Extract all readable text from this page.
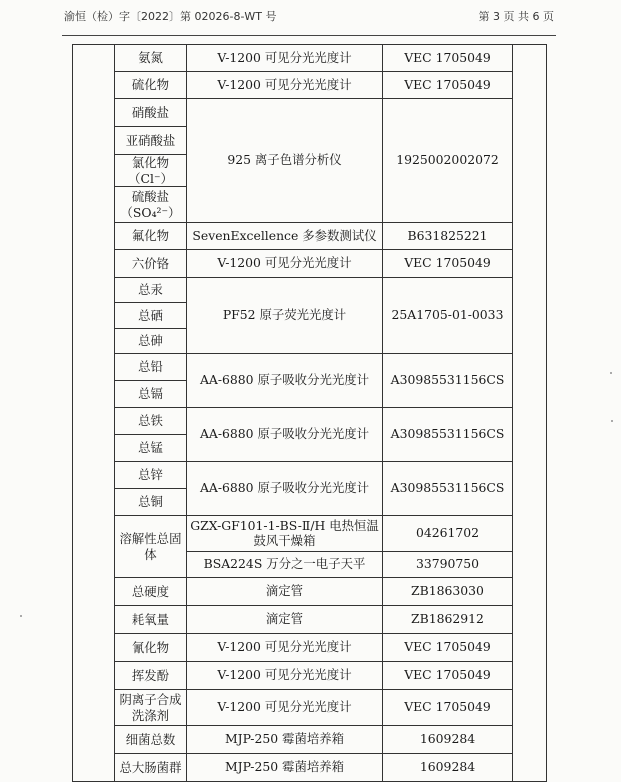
渝恒（检）字〔2022〕第 02026-8-WT 号	第 3 页 共 6 页
	氨氮	V-1200 可见分光光度计	VEC 1705049	
	硫化物	V-1200 可见分光光度计	VEC 1705049	
	硝酸盐	925 离子色谱分析仪	1925002002072	
	亚硝酸盐			
	氯化物（Cl⁻）			
	硫酸盐（SO₄²⁻）			
	氟化物	SevenExcellence 多参数测试仪	B631825221	
	六价铬	V-1200 可见分光光度计	VEC 1705049	
	总汞	PF52 原子荧光光度计	25A1705-01-0033	
	总硒			
	总砷			
	总铅	AA-6880 原子吸收分光光度计	A30985531156CS	
	总镉			
	总铁	AA-6880 原子吸收分光光度计	A30985531156CS	
	总锰			
	总锌	AA-6880 原子吸收分光光度计	A30985531156CS	
	总铜			
	溶解性总固体	GZX-GF101-1-BS-Ⅱ/H 电热恒温鼓风干燥箱	04261702	
		BSA224S 万分之一电子天平	33790750	
	总硬度	滴定管	ZB1863030	
	耗氧量	滴定管	ZB1862912	
	氰化物	V-1200 可见分光光度计	VEC 1705049	
	挥发酚	V-1200 可见分光光度计	VEC 1705049	
	阴离子合成洗涤剂	V-1200 可见分光光度计	VEC 1705049	
	细菌总数	MJP-250 霉菌培养箱	1609284	
	总大肠菌群	MJP-250 霉菌培养箱	1609284	
